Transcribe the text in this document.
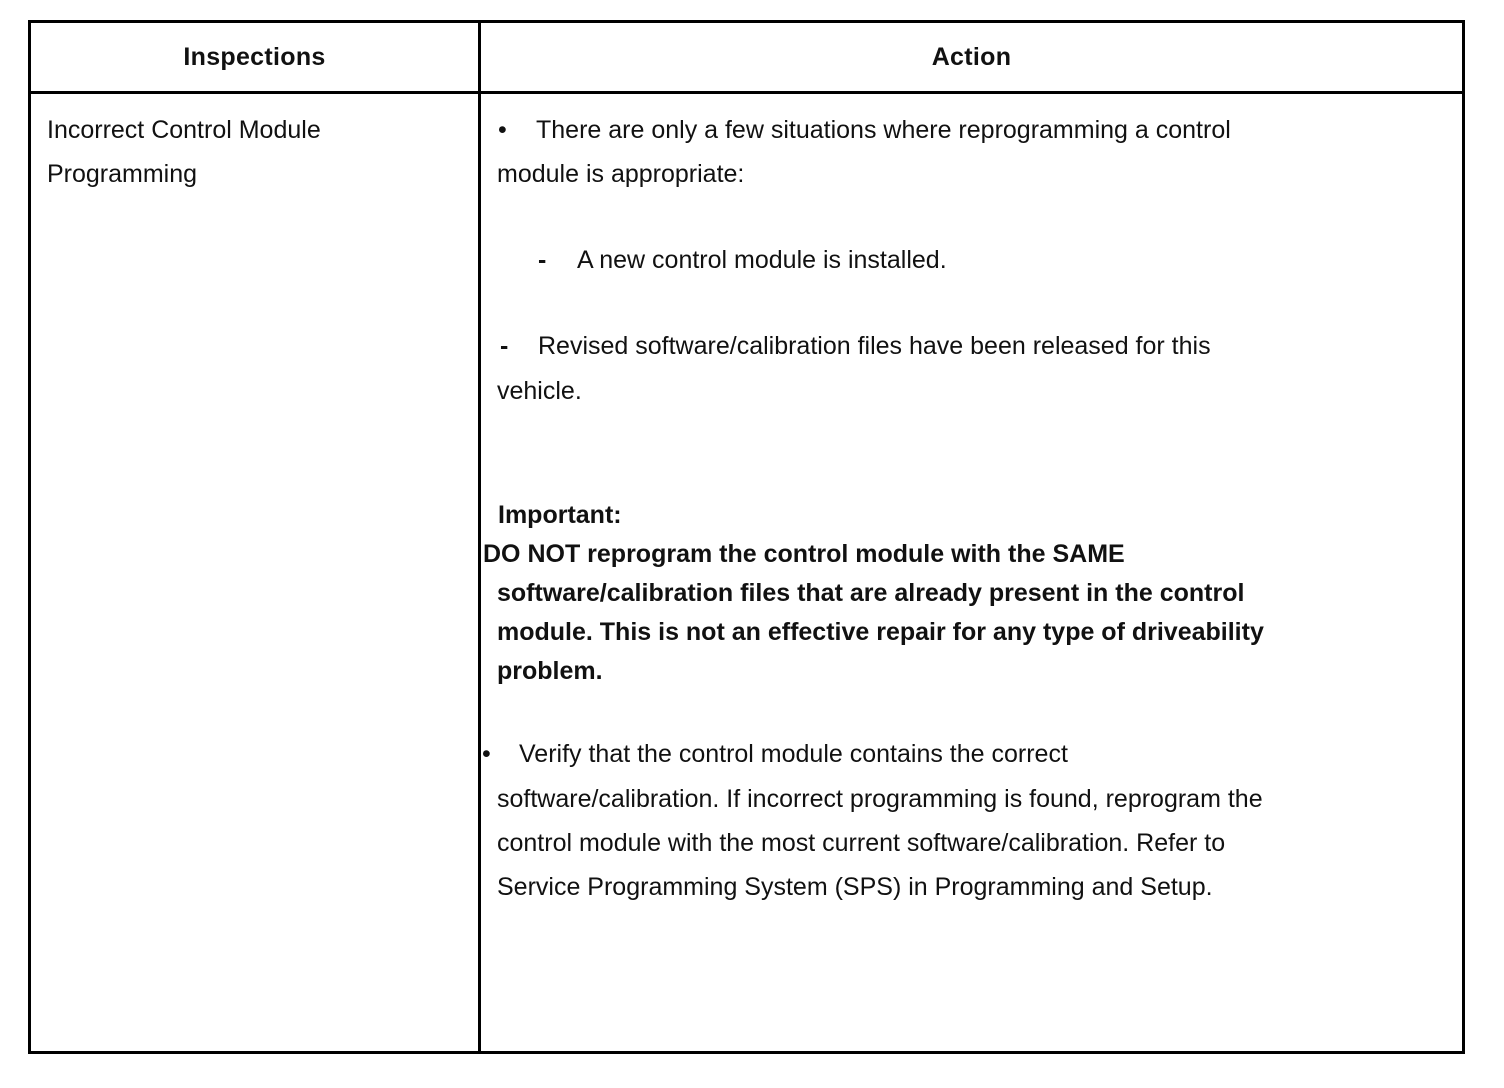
Inspections	Action
Incorrect Control Module
Programming
• There are only a few situations where reprogramming a control
module is appropriate:
- A new control module is installed.
- Revised software/calibration files have been released for this
vehicle.
Important:
DO NOT reprogram the control module with the SAME
software/calibration files that are already present in the control
module. This is not an effective repair for any type of driveability
problem.
• Verify that the control module contains the correct
software/calibration. If incorrect programming is found, reprogram the
control module with the most current software/calibration. Refer to
Service Programming System (SPS) in Programming and Setup.
